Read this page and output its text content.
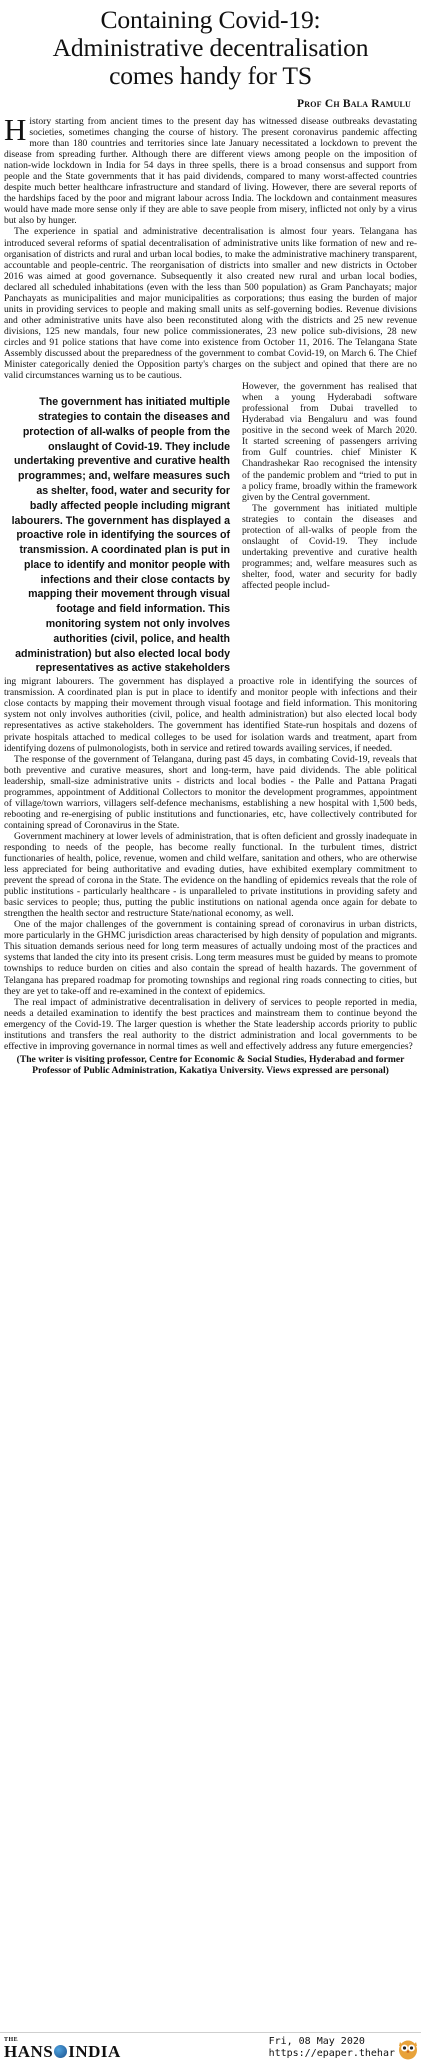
Containing Covid-19:
Administrative decentralisation
comes handy for TS
Prof Ch Bala Ramulu

History starting from ancient times to the present day has witnessed disease outbreaks devastating societies, sometimes changing the course of history. The present coronavirus pandemic affecting more than 180 countries and territories since late January necessitated a lockdown to prevent the disease from spreading further. Although there are different views among people on the imposition of nation-wide lockdown in India for 54 days in three spells, there is a broad consensus and support from people and the State governments that it has paid dividends, compared to many worst-affected countries despite much better healthcare infrastructure and standard of living. However, there are several reports of the hardships faced by the poor and migrant labour across India. The lockdown and containment measures would have made more sense only if they are able to save people from misery, inflicted not only by a virus but also by hunger.

The experience in spatial and administrative decentralisation is almost four years. Telangana has introduced several reforms of spatial decentralisation of administrative units like formation of new and re-organisation of districts and rural and urban local bodies, to make the administrative machinery transparent, accountable and people-centric. The reorganisation of districts into smaller and new districts in October 2016 was aimed at good governance. Subsequently it also created new rural and urban local bodies, declared all scheduled inhabitations (even with the less than 500 population) as Gram Panchayats; major Panchayats as municipalities and major municipalities as corporations; thus easing the burden of major units in providing services to people and making small units as self-governing bodies. Revenue divisions and other administrative units have also been reconstituted along with the districts and 25 new revenue divisions, 125 new mandals, four new police commissionerates, 23 new police sub-divisions, 28 new circles and 91 police stations that have come into existence from October 11, 2016. The Telangana State Assembly discussed about the preparedness of the government to combat Covid-19, on March 6. The Chief Minister categorically denied the Opposition party's charges on the subject and opined that there are no valid circumstances warning us to be cautious.

The government has initiated multiple strategies to contain the diseases and protection of all-walks of people from the onslaught of Covid-19. They include undertaking preventive and curative health programmes; and, welfare measures such as shelter, food, water and security for badly affected people including migrant labourers. The government has displayed a proactive role in identifying the sources of transmission. A coordinated plan is put in place to identify and monitor people with infections and their close contacts by mapping their movement through visual footage and field information. This monitoring system not only involves authorities (civil, police, and health administration) but also elected local body representatives as active stakeholders

However, the government has realised that when a young Hyderabadi software professional from Dubai travelled to Hyderabad via Bengaluru and was found positive in the second week of March 2020. It started screening of passengers arriving from Gulf countries. chief Minister K Chandrashekar Rao recognised the intensity of the pandemic problem and “tried to put in a policy frame, broadly within the framework given by the Central government.

The government has initiated multiple strategies to contain the diseases and protection of all-walks of people from the onslaught of Covid-19. They include undertaking preventive and curative health programmes; and, welfare measures such as shelter, food, water and security for badly affected people includ-

ing migrant labourers. The government has displayed a proactive role in identifying the sources of transmission. A coordinated plan is put in place to identify and monitor people with infections and their close contacts by mapping their movement through visual footage and field information. This monitoring system not only involves authorities (civil, police, and health administration) but also elected local body representatives as active stakeholders. The government has identified State-run hospitals and dozens of private hospitals attached to medical colleges to be used for isolation wards and treatment, apart from identifying dozens of pulmonologists, both in service and retired towards availing services, if needed.

The response of the government of Telangana, during past 45 days, in combating Covid-19, reveals that both preventive and curative measures, short and long-term, have paid dividends. The able political leadership, small-size administrative units - districts and local bodies - the Palle and Pattana Pragati programmes, appointment of Additional Collectors to monitor the development programmes, appointment of village/town warriors, villagers self-defence mechanisms, establishing a new hospital with 1,500 beds, rebooting and re-energising of public institutions and functionaries, etc, have collectively contributed for containing spread of Coronavirus in the State.

Government machinery at lower levels of administration, that is often deficient and grossly inadequate in responding to needs of the people, has become really functional. In the turbulent times, district functionaries of health, police, revenue, women and child welfare, sanitation and others, who are otherwise less appreciated for being authoritative and evading duties, have exhibited exemplary commitment to prevent the spread of corona in the State. The evidence on the handling of epidemics reveals that the role of public institutions - particularly healthcare - is unparalleled to private institutions in providing safety and basic services to people; thus, putting the public institutions on national agenda once again for debate to strengthen the health sector and restructure State/national economy, as well.

One of the major challenges of the government is containing spread of coronavirus in urban districts, more particularly in the GHMC jurisdiction areas characterised by high density of population and migrants. This situation demands serious need for long term measures of actually undoing most of the practices and systems that landed the city into its present crisis. Long term measures must be guided by means to promote townships to reduce burden on cities and also contain the spread of health hazards. The government of Telangana has prepared roadmap for promoting townships and regional ring roads connecting to cities, but they are yet to take-off and re-examined in the context of epidemics.

The real impact of administrative decentralisation in delivery of services to people reported in media, needs a detailed examination to identify the best practices and mainstream them to continue beyond the emergency of the Covid-19. The larger question is whether the State leadership accords priority to public institutions and transfers the real authority to the district administration and local governments to be effective in improving governance in normal times as well and effectively address any future emergencies?

(The writer is visiting professor, Centre for Economic & Social Studies, Hyderabad and former Professor of Public Administration, Kakatiya University. Views expressed are personal)
THE
HANS INDIA	Fri, 08 May 2020
https://epaper.thehar
